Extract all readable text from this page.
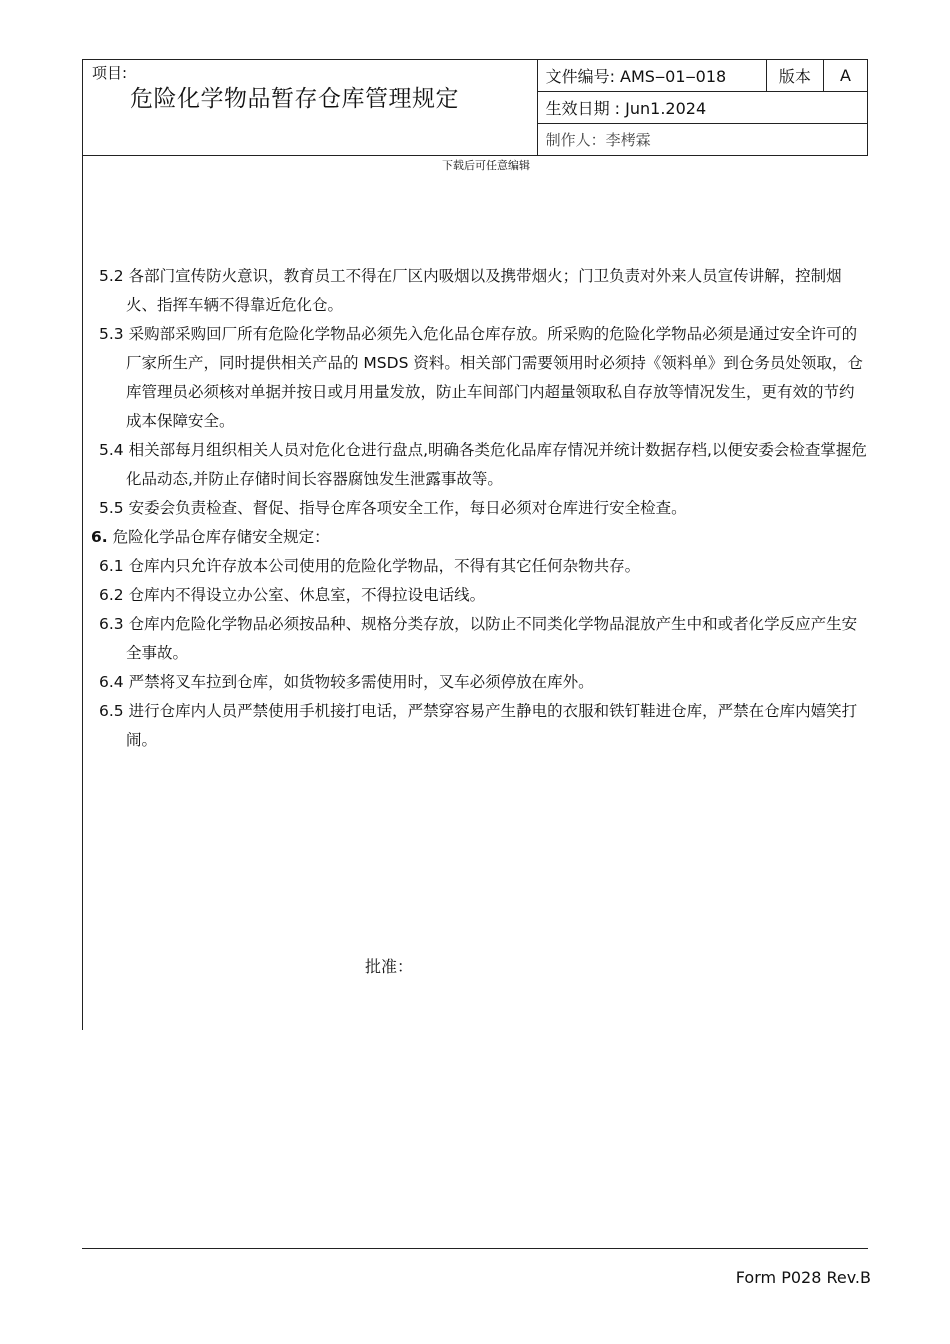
项目:
危险化学物品暂存仓库管理规定
	文件编号: AMS‒01‒018	版本	A
生效日期 : Jun1.2024
制作人：李栲霖
下载后可任意编辑
5.2 各部门宣传防火意识，教育员工不得在厂区内吸烟以及携带烟火；门卫负责对外来人员宣传讲解，控制烟火、指挥车辆不得靠近危化仓。
5.3 采购部采购回厂所有危险化学物品必须先入危化品仓库存放。所采购的危险化学物品必须是通过安全许可的厂家所生产，同时提供相关产品的 MSDS 资料。相关部门需要领用时必须持《领料单》到仓务员处领取，仓库管理员必须核对单据并按日或月用量发放，防止车间部门内超量领取私自存放等情况发生，更有效的节约成本保障安全。
5.4 相关部每月组织相关人员对危化仓进行盘点,明确各类危化品库存情况并统计数据存档,以便安委会检查掌握危化品动态,并防止存储时间长容器腐蚀发生泄露事故等。
5.5 安委会负责检查、督促、指导仓库各项安全工作，每日必须对仓库进行安全检查。
6. 危险化学品仓库存储安全规定：
6.1 仓库内只允许存放本公司使用的危险化学物品，不得有其它任何杂物共存。
6.2 仓库内不得设立办公室、休息室，不得拉设电话线。
6.3 仓库内危险化学物品必须按品种、规格分类存放，以防止不同类化学物品混放产生中和或者化学反应产生安全事故。
6.4 严禁将叉车拉到仓库，如货物较多需使用时，叉车必须停放在库外。
6.5 进行仓库内人员严禁使用手机接打电话，严禁穿容易产生静电的衣服和铁钉鞋进仓库，严禁在仓库内嬉笑打闹。
批准：
Form P028 Rev.B
